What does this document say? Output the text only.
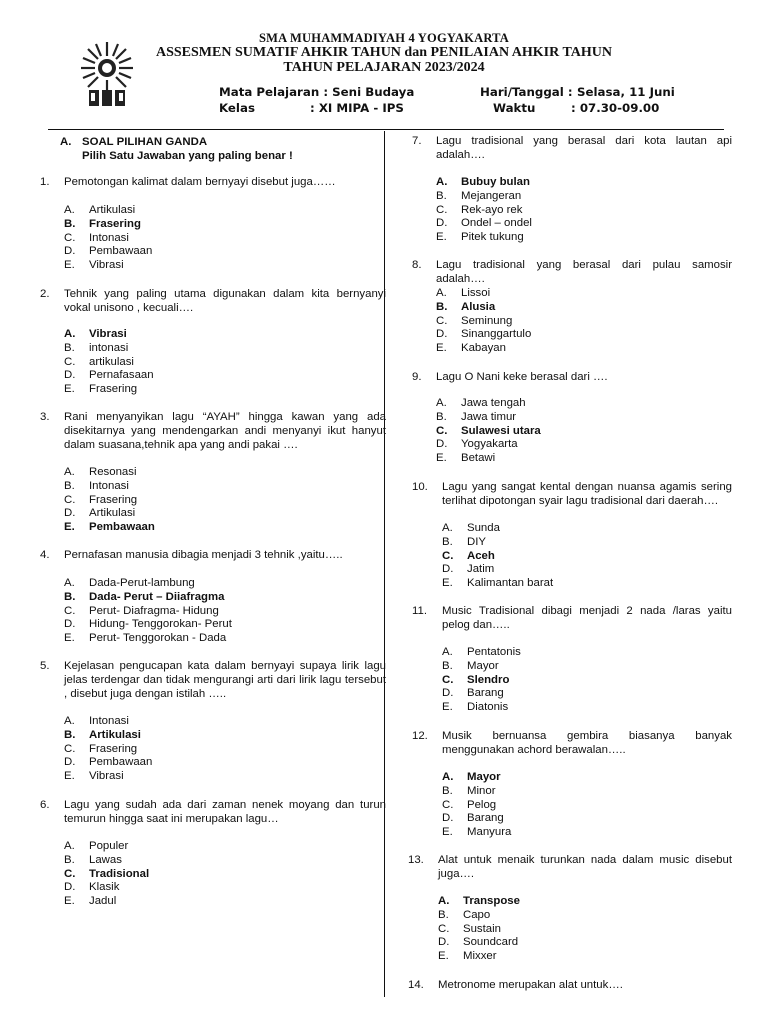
SMA MUHAMMADIYAH 4 YOGYAKARTA
ASSESMEN SUMATIF AHKIR TAHUN dan PENILAIAN AHKIR TAHUN
TAHUN PELAJARAN 2023/2024
Mata Pelajaran : Seni Budaya
Kelas	: XI MIPA - IPS
Hari/Tanggal : Selasa, 11 Juni
Waktu	: 07.30-09.00
A. SOAL PILIHAN GANDA
Pilih Satu Jawaban yang paling benar !
1. Pemotongan kalimat dalam bernyayi disebut juga……
A. Artikulasi
B. Frasering
C. Intonasi
D. Pembawaan
E. Vibrasi
2. Tehnik yang paling utama digunakan dalam kita bernyanyi vokal unisono , kecuali….
A. Vibrasi
B. intonasi
C. artikulasi
D. Pernafasaan
E. Frasering
3. Rani menyanyikan lagu “AYAH” hingga kawan yang ada disekitarnya yang mendengarkan andi menyanyi ikut hanyut dalam suasana,tehnik apa yang andi pakai ….
A. Resonasi
B. Intonasi
C. Frasering
D. Artikulasi
E. Pembawaan
4. Pernafasan manusia dibagia menjadi 3 tehnik ,yaitu…..
A. Dada-Perut-lambung
B. Dada- Perut – Diiafragma
C. Perut- Diafragma- Hidung
D. Hidung- Tenggorokan- Perut
E. Perut- Tenggorokan - Dada
5. Kejelasan pengucapan kata dalam bernyayi supaya lirik lagu jelas terdengar dan tidak mengurangi arti dari lirik lagu tersebut , disebut juga dengan istilah …..
A. Intonasi
B. Artikulasi
C. Frasering
D. Pembawaan
E. Vibrasi
6. Lagu yang sudah ada dari zaman nenek moyang dan turun temurun hingga saat ini merupakan lagu…
A. Populer
B. Lawas
C. Tradisional
D. Klasik
E. Jadul
7. Lagu tradisional yang berasal dari kota lautan api adalah….
A. Bubuy bulan
B. Mejangeran
C. Rek-ayo rek
D. Ondel – ondel
E. Pitek tukung
8. Lagu tradisional yang berasal dari pulau samosir adalah….
A. Lissoi
B. Alusia
C. Seminung
D. Sinanggartulo
E. Kabayan
9. Lagu O Nani keke berasal dari ….
A. Jawa tengah
B. Jawa timur
C. Sulawesi utara
D. Yogyakarta
E. Betawi
10. Lagu yang sangat kental dengan nuansa agamis sering terlihat dipotongan syair lagu tradisional dari daerah….
A. Sunda
B. DIY
C. Aceh
D. Jatim
E. Kalimantan barat
11. Music Tradisional dibagi menjadi 2 nada /laras yaitu pelog dan…..
A. Pentatonis
B. Mayor
C. Slendro
D. Barang
E. Diatonis
12. Musik bernuansa gembira biasanya banyak menggunakan achord berawalan…..
A. Mayor
B. Minor
C. Pelog
D. Barang
E. Manyura
13. Alat untuk menaik turunkan nada dalam music disebut juga….
A. Transpose
B. Capo
C. Sustain
D. Soundcard
E. Mixxer
14. Metronome merupakan alat untuk….
